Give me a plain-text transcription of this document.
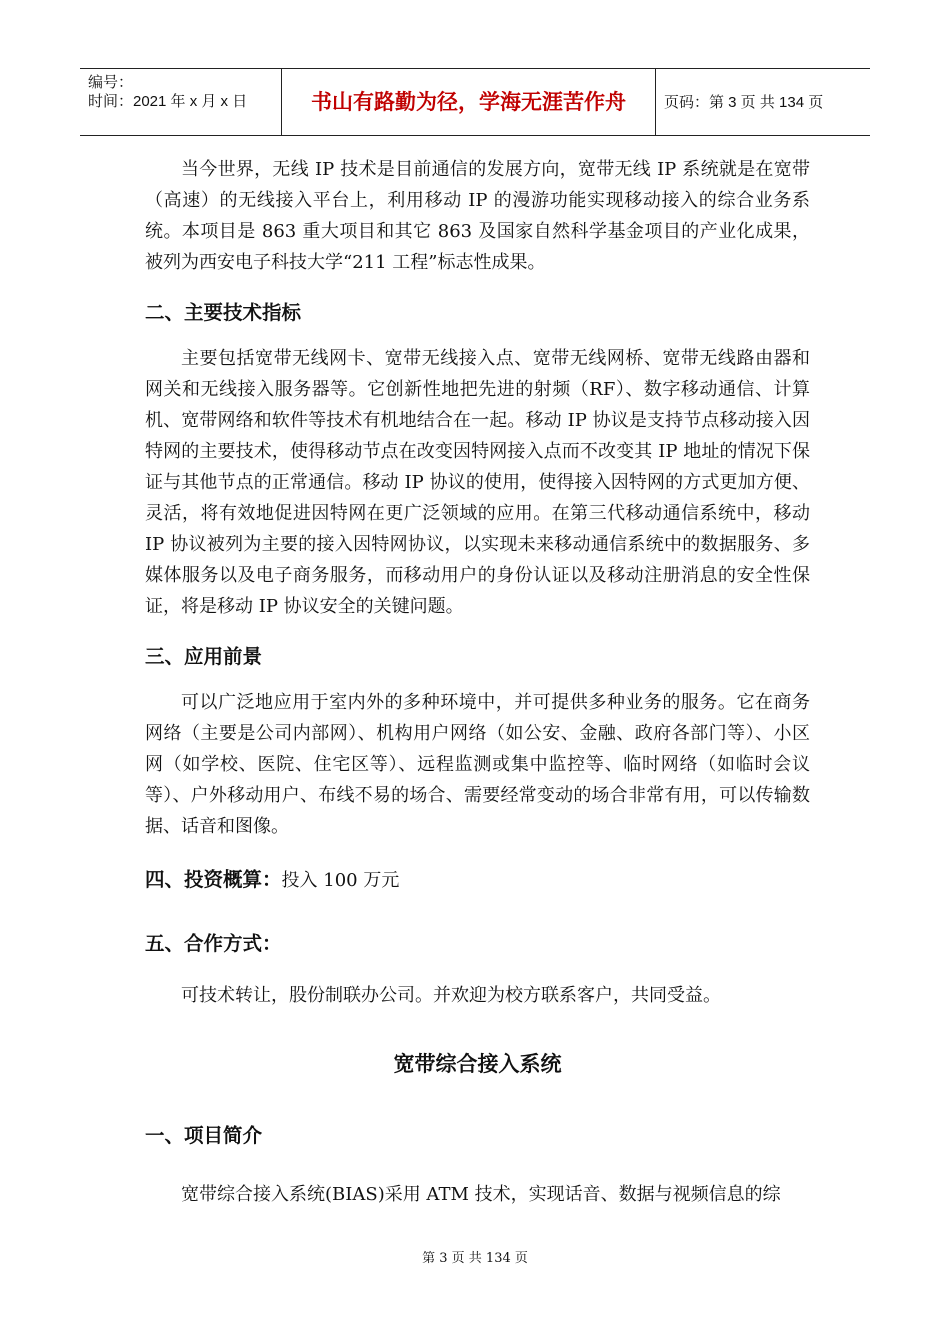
编号：
时间：2021 年 x 月 x 日	书山有路勤为径，学海无涯苦作舟	页码：第 3 页 共 134 页

当今世界，无线 IP 技术是目前通信的发展方向，宽带无线 IP 系统就是在宽带（高速）的无线接入平台上，利用移动 IP 的漫游功能实现移动接入的综合业务系统。本项目是 863 重大项目和其它 863 及国家自然科学基金项目的产业化成果，被列为西安电子科技大学“211 工程”标志性成果。

二、主要技术指标

主要包括宽带无线网卡、宽带无线接入点、宽带无线网桥、宽带无线路由器和网关和无线接入服务器等。它创新性地把先进的射频（RF）、数字移动通信、计算机、宽带网络和软件等技术有机地结合在一起。移动 IP 协议是支持节点移动接入因特网的主要技术，使得移动节点在改变因特网接入点而不改变其 IP 地址的情况下保证与其他节点的正常通信。移动 IP 协议的使用，使得接入因特网的方式更加方便、灵活，将有效地促进因特网在更广泛领域的应用。在第三代移动通信系统中，移动 IP 协议被列为主要的接入因特网协议，以实现未来移动通信系统中的数据服务、多媒体服务以及电子商务服务，而移动用户的身份认证以及移动注册消息的安全性保证，将是移动 IP 协议安全的关键问题。

三、应用前景

可以广泛地应用于室内外的多种环境中，并可提供多种业务的服务。它在商务网络（主要是公司内部网）、机构用户网络（如公安、金融、政府各部门等）、小区网（如学校、医院、住宅区等）、远程监测或集中监控等、临时网络（如临时会议等）、户外移动用户、布线不易的场合、需要经常变动的场合非常有用，可以传输数据、话音和图像。

四、投资概算：投入 100 万元
五、合作方式：

可技术转让，股份制联办公司。并欢迎为校方联系客户，共同受益。

宽带综合接入系统
一、项目简介

宽带综合接入系统(BIAS)采用 ATM 技术，实现话音、数据与视频信息的综

第 3 页 共 134 页
